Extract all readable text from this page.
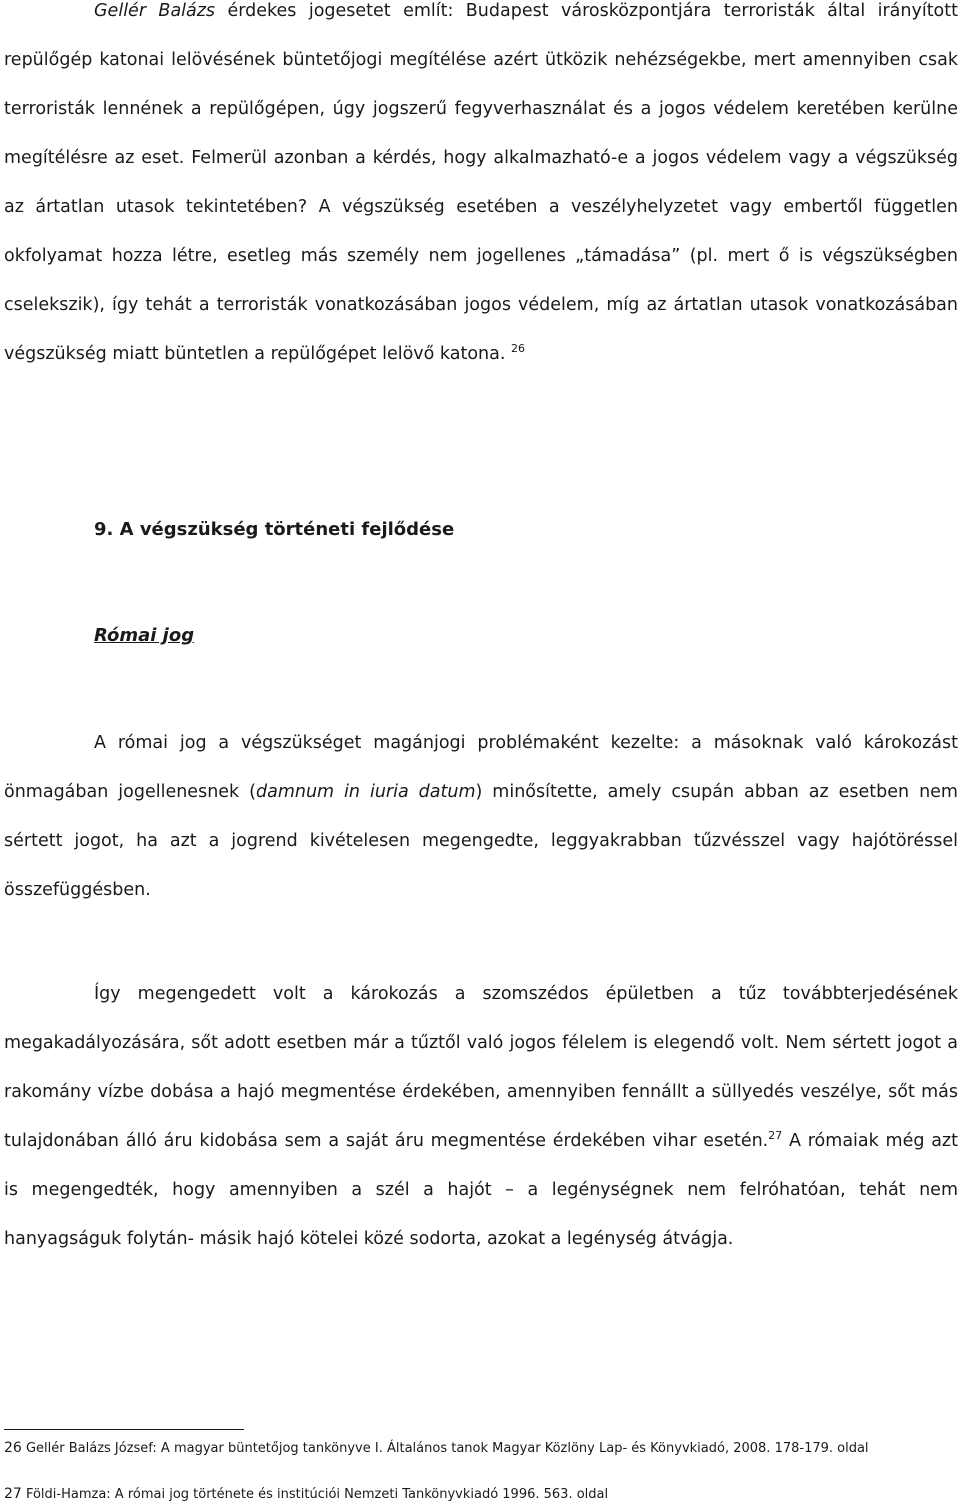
Gellér Balázs érdekes jogesetet említ: Budapest városközpontjára terroristák által irányított repülőgép katonai lelövésének büntetőjogi megítélése azért ütközik nehézségekbe, mert amennyiben csak terroristák lennének a repülőgépen, úgy jogszerű fegyverhasználat és a jogos védelem keretében kerülne megítélésre az eset. Felmerül azonban a kérdés, hogy alkalmazható-e a jogos védelem vagy a végszükség az ártatlan utasok tekintetében? A végszükség esetében a veszélyhelyzetet vagy embertől független okfolyamat hozza létre, esetleg más személy nem jogellenes „támadása” (pl. mert ő is végszükségben cselekszik), így tehát a terroristák vonatkozásában jogos védelem, míg az ártatlan utasok vonatkozásában végszükség miatt büntetlen a repülőgépet lelövő katona. $^{26}$

9. A végszükség történeti fejlődése
Római jog

A római jog a végszükséget magánjogi problémaként kezelte: a másoknak való károkozást önmagában jogellenesnek (damnum in iuria datum) minősítette, amely csupán abban az esetben nem sértett jogot, ha azt a jogrend kivételesen megengedte, leggyakrabban tűzvésszel vagy hajótöréssel összefüggésben.

Így megengedett volt a károkozás a szomszédos épületben a tűz továbbterjedésének megakadályozására, sőt adott esetben már a tűztől való jogos félelem is elegendő volt. Nem sértett jogot a rakomány vízbe dobása a hajó megmentése érdekében, amennyiben fennállt a süllyedés veszélye, sőt más tulajdonában álló áru kidobása sem a saját áru megmentése érdekében vihar esetén.$^{27}$ A rómaiak még azt is megengedték, hogy amennyiben a szél a hajót – a legénységnek nem felróhatóan, tehát nem hanyagságuk folytán- másik hajó kötelei közé sodorta, azokat a legénység átvágja.

26 Gellér Balázs József: A magyar büntetőjog tankönyve I. Általános tanok Magyar Közlöny Lap- és Könyvkiadó, 2008. 178-179. oldal

27 Földi-Hamza: A római jog története és institúciói Nemzeti Tankönyvkiadó 1996. 563. oldal
